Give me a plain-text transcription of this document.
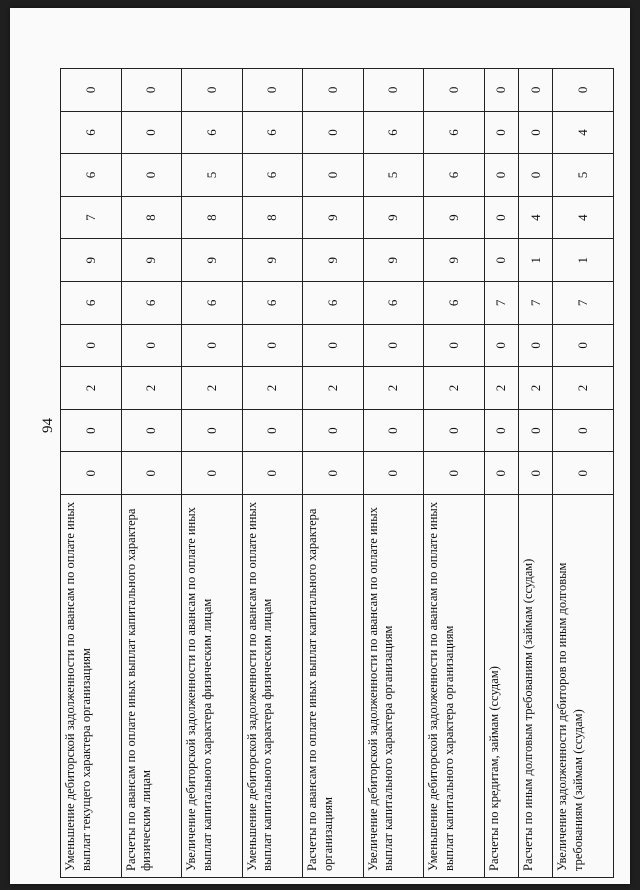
94
Уменьшение дебиторской задолженности по авансам по оплате иных выплат текущего характера организациям	0	0	2	0	6	9	7	6	6	0
Расчеты по авансам по оплате иных выплат капитального характера физическим лицам	0	0	2	0	6	9	8	0	0	0
Увеличение дебиторской задолженности по авансам по оплате иных выплат капитального характера физическим лицам	0	0	2	0	6	9	8	5	6	0
Уменьшение дебиторской задолженности по авансам по оплате иных выплат капитального характера физическим лицам	0	0	2	0	6	9	8	6	6	0
Расчеты по авансам по оплате иных выплат капитального характера организациям	0	0	2	0	6	9	9	0	0	0
Увеличение дебиторской задолженности по авансам по оплате иных выплат капитального характера организациям	0	0	2	0	6	9	9	5	6	0
Уменьшение дебиторской задолженности по авансам по оплате иных выплат капитального характера организациям	0	0	2	0	6	9	9	6	6	0
Расчеты по кредитам, займам (ссудам)	0	0	2	0	7	0	0	0	0	0
Расчеты по иным долговым требованиям (займам (ссудам)	0	0	2	0	7	1	4	0	0	0
Увеличение задолженности дебиторов по иным долговым требованиям (займам (ссудам)	0	0	2	0	7	1	4	5	4	0
